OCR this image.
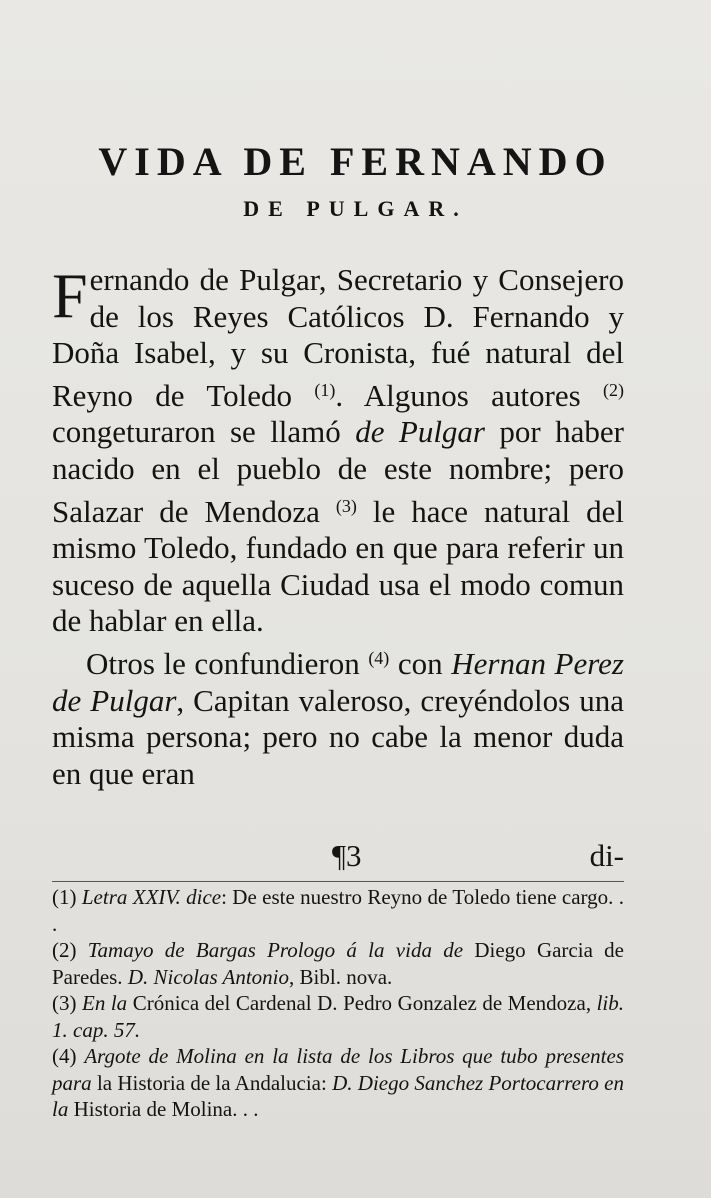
VIDA DE FERNANDO
DE PULGAR.

Fernando de Pulgar, Secretario y Consejero de los Reyes Católicos D. Fernando y Doña Isabel, y su Cronista, fué natural del Reyno de Toledo $^{(1)}$. Algunos autores $^{(2)}$ congeturaron se llamó de Pulgar por haber nacido en el pueblo de este nombre; pero Salazar de Mendoza $^{(3)}$ le hace natural del mismo Toledo, fundado en que para referir un suceso de aquella Ciudad usa el modo comun de hablar en ella.

Otros le confundieron $^{(4)}$ con Hernan Perez de Pulgar, Capitan valeroso, creyéndolos una misma persona; pero no cabe la menor duda en que eran

¶3	di-

(1) Letra XXIV. dice: De este nuestro Reyno de Toledo tiene cargo. . .

(2) Tamayo de Bargas Prologo á la vida de Diego Garcia de Paredes. D. Nicolas Antonio, Bibl. nova.

(3) En la Crónica del Cardenal D. Pedro Gonzalez de Mendoza, lib. 1. cap. 57.

(4) Argote de Molina en la lista de los Libros que tubo presentes para la Historia de la Andalucia: D. Diego Sanchez Portocarrero en la Historia de Molina. . .
